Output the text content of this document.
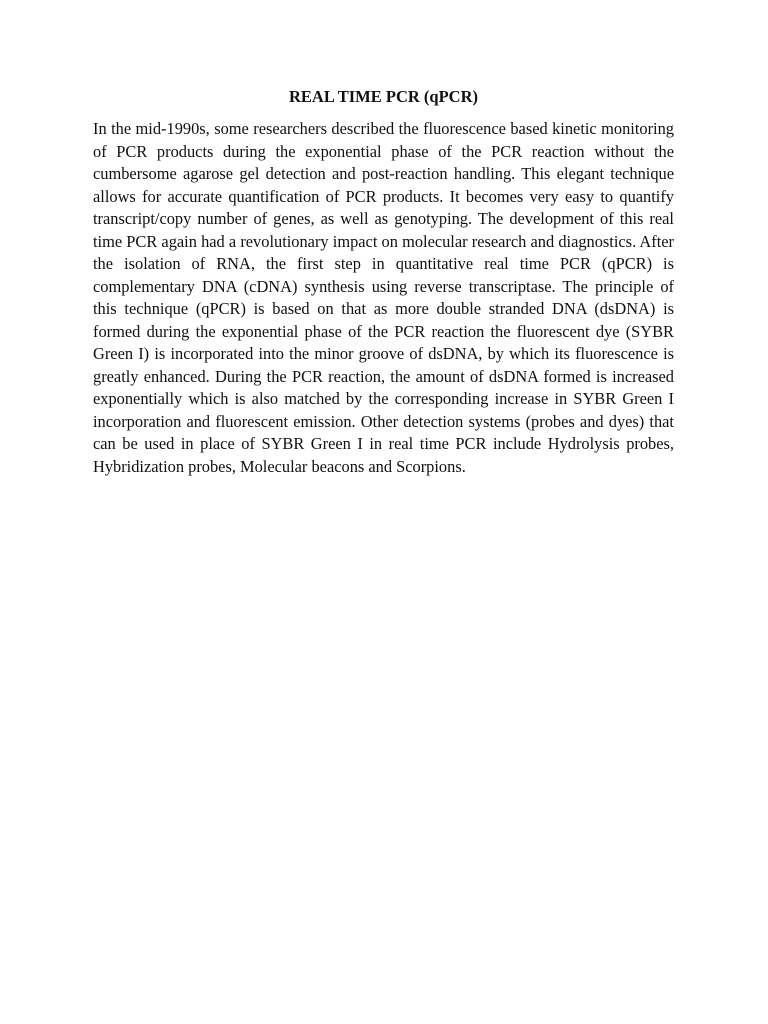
REAL TIME PCR (qPCR)

In the mid-1990s, some researchers described the fluorescence based kinetic monitoring of PCR products during the exponential phase of the PCR reaction without the cumbersome agarose gel detection and post-reaction handling. This elegant technique allows for accurate quantification of PCR products. It becomes very easy to quantify transcript/copy number of genes, as well as genotyping. The development of this real time PCR again had a revolutionary impact on molecular research and diagnostics. After the isolation of RNA, the first step in quantitative real time PCR (qPCR) is complementary DNA (cDNA) synthesis using reverse transcriptase. The principle of this technique (qPCR) is based on that as more double stranded DNA (dsDNA) is formed during the exponential phase of the PCR reaction the fluorescent dye (SYBR Green I) is incorporated into the minor groove of dsDNA, by which its fluorescence is greatly enhanced. During the PCR reaction, the amount of dsDNA formed is increased exponentially which is also matched by the corresponding increase in SYBR Green I incorporation and fluorescent emission. Other detection systems (probes and dyes) that can be used in place of SYBR Green I in real time PCR include Hydrolysis probes, Hybridization probes, Molecular beacons and Scorpions.
